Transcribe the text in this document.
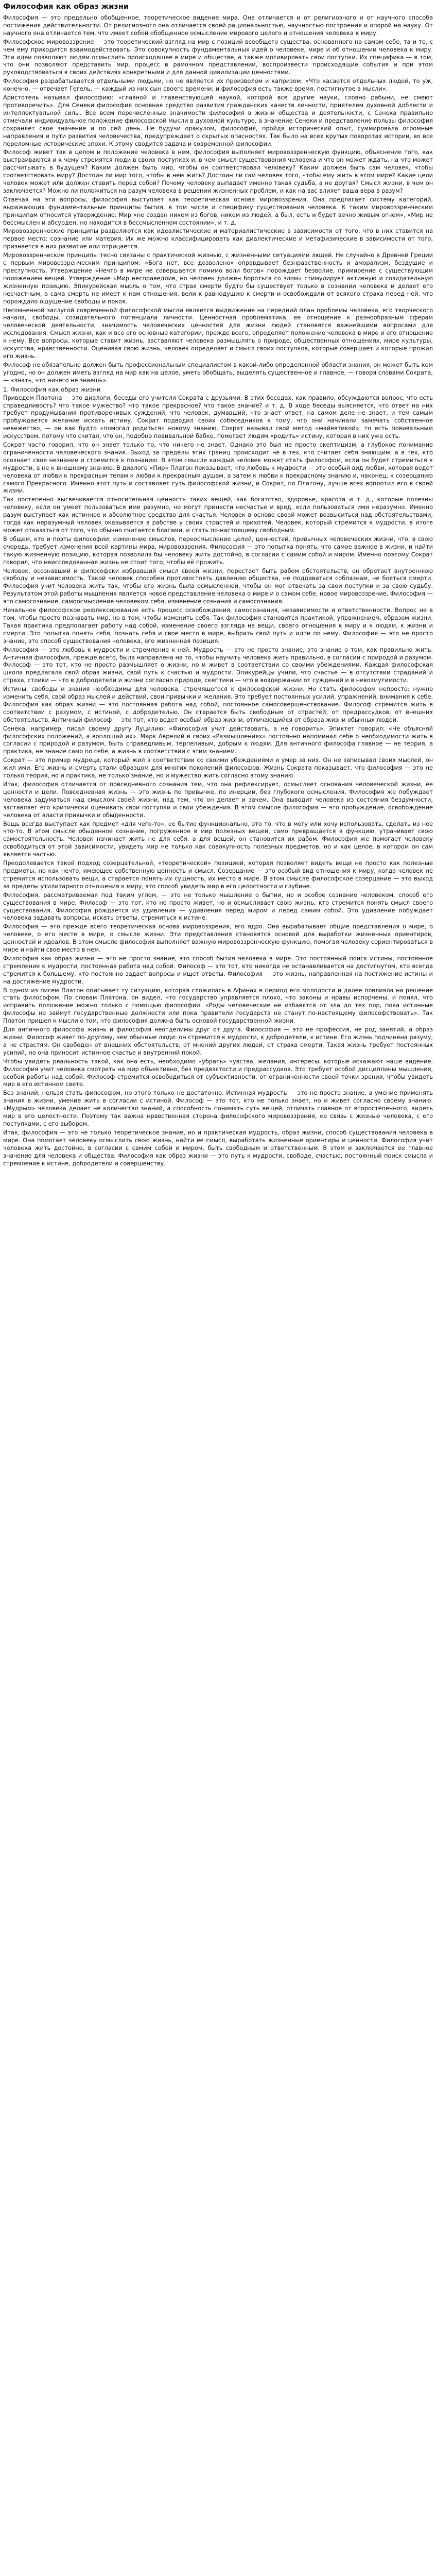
Философия как образ жизни

Философия — это предельно обобщенное, теоретическое видение мира. Она отличается и от религиозного и от научного способа постижения действительности. От религиозного она отличается своей рациональностью, научностью построения и опорой на науку. От научного она отличается тем, что имеет собой обобщенное осмысление мирового целого и отношения человека к миру.

Философское мировоззрение — это теоретический взгляд на мир с позиций всеобщего существа, основанного на самом себе, та и то, с чем ему приходится взаимодействовать. Это совокупность фундаментальных идей о человеке, мире и об отношении человека к миру. Эти идеи позволяют людям осмыслить происходящее в мире и обществе, а также мотивировать свои поступки. Их специфика — в том, что они позволяют представить мир, процесс в рамочном представлении, воспроизвести происходящие события и при этом руководствоваться в своих действиях конкретными и для данной цивилизации ценностями.

Философия разрабатывается отдельными людьми, но не является их произволом и капризом: «Что касается отдельных людей, то уж, конечно, — отвечает Гегель, — каждый из них сын своего времени; и философия есть также время, постигнутое в мысли».

Аристотель называл философию: «главной и главенствующей наукой, которой все другие науки, словно рабыни, не смеют противоречить». Для Сенеки философия основная средство развития гражданских качеств личности, приятелем духовной доблести и интеллектуальной силы. Все всем перечисленные значимости философия в жизни общества и деятельности, с Сенека правильно отмечали индивидуальное положение философской мысли в духовной культуре, а значение Сенеки и представление пользы философия сохраняет свое значение и по сей день. Не будучи оракулом, философия, пройдя исторический опыт, суммировала огромные направления и пути развития человечества, предупреждает о скрытых опасностях. Так было на всех крутых поворотах истории, во все переломные исторические эпохи. К этому сводится задача и современной философии.

Философ живет так в целом и положение человека в нем, философия выполняет мировоззренческую функцию, объяснение того, как выстраиваются и к чему стремятся люди в своих поступках и, в чем смысл существования человека и что он может ждать, на что может рассчитывать в будущем? Каким должен быть мир, чтобы он соответствовал человеку? Каким должен быть сам человек, чтобы соответствовать миру? Достоин ли мир того, чтобы в нем жить? Достоин ли сам человек того, чтобы ему жить в этом мире? Какие цели человек может или должен ставить перед собой? Почему человеку выпадает именно такая судьба, а не другая? Смысл жизни, в чем он заключается? Можно ли положиться на разум человека в решении жизненных проблем, и как на вас влияет ваша вера в разум?

Отвечая на эти вопросы, философия выступает как теоретическая основа мировоззрения. Она предлагает систему категорий, выражающих фундаментальные принципы бытия, в том числе и специфику существования человека. К таким мировоззренческим принципам относится утверждение: Мир «не создан никем из богов, никем из людей, а был, есть и будет вечно живым огнем», «Мир не бессмыслен и абсурден, но находится в бессмысленном состоянии», и т. д.

Мировоззренческие принципы разделяются как идеалистические и материалистические в зависимости от того, что в них ставится на первое место: сознание или материя. Их же можно классифицировать как диалектические и метафизические в зависимости от того, признается в них развитие или отрицается.

Мировоззренческие принципы тесно связаны с практической жизнью, с жизненными ситуациями людей. Не случайно в Древней Греции с первым мировоззренческим принципом: «Бога нет, все дозволено» оправдывает безнравственность и аморализм, бездушие и преступность. Утверждение «Нечто в мире не совершается помимо воли богов» порождает безволие, примирение с существующим положением вещей. Утверждение «Мир несправедлив, но человек должен бороться со злом» стимулирует активную и созидательную жизненную позицию. Эпикурейская мысль о том, что страх смерти будто бы существует только в сознании человека и делает его несчастным, а сама смерть не имеет к нам отношения, вели к равнодушию к смерти и освобождали от всякого страха перед ней, что порождало ощущение свободы и покоя.

Несомненной заслугой современной философской мысли является выдвижение на передний план проблемы человека, его творческого начала, свободы, созидательного потенциала личности. Ценностная проблематика, ее отношение к разнообразным сферам человеческой деятельности, значимость человеческих ценностей для жизни людей становятся важнейшими вопросами для исследования. Смысл жизни, как и все его основные категории, прежде всего, определяет положение человека в мире и его отношение к нему. Все вопросы, которые ставит жизнь, заставляют человека размышлять о природе, общественных отношениях, мире культуры, искусства, нравственности. Оценивая свою жизнь, человек определяет и смысл своих поступков, которые совершает и которые прожил его жизнь.

Философ не обязательно должен быть профессиональным специалистом в какой-либо определенной области знания, он может быть кем угодно, но он должен иметь взгляд на мир как на целое, уметь обобщать, выделять существенное и главное, — говоря словами Сократа, — «знать, что ничего не знаешь».

1. Философия как образ жизни

Приведем Платона — это диалоги, беседы его учителя Сократа с друзьями. В этих беседах, как правило, обсуждаются вопрос, что есть справедливость? что такое мужество? что такое прекрасное? что такое знание? и т. д. В ходе беседы выясняется, что ответ на них требует продумывания противоречивых суждений, что человек, думавший, что знает ответ, на самом деле не знает, и тем самым пробуждается желание искать истину. Сократ подводил своих собеседников к тому, что они начинали замечать собственное невежество, — он как будто «помогал родиться» новому знанию. Сократ называл свой метод «майевтикой», то есть повивальным искусством, потому что считал, что он, подобно повивальной бабке, помогает людям «родить» истину, которая в них уже есть.

Сократ часто говорил, что он знает только то, что ничего не знает. Однако это был не просто скептицизм, а глубокое понимание ограниченности человеческого знания. Выход за пределы этих границ происходит не в тех, кто считает себя знающим, а в тех, кто осознает свое незнание и стремится к познанию. В этом смысле каждый человек может стать философом, если он будет стремиться к мудрости, а не к внешнему знанию. В диалоге «Пир» Платон показывает, что любовь к мудрости — это особый вид любви, которая ведет человека от любви к прекрасным телам к любви к прекрасным душам, а затем к любви к прекрасному знанию и, наконец, к созерцанию самого Прекрасного. Именно этот путь и составляет суть философской жизни, и Сократ, по Платону, лучше всех воплотил его в своей жизни.

Так постепенно высвечивается относительная ценность таких вещей, как богатство, здоровье, красота и т. д., которые полезны человеку, если он умеет пользоваться ими разумно, но могут принести несчастье и вред, если пользоваться ими неразумно. Именно разум выступает как истинное и абсолютное средство для счастья. Человек в основе своей может возвыситься над обстоятельствами, тогда как неразумный человек оказывается в рабстве у своих страстей и прихотей. Человек, который стремится к мудрости, в итоге может отказаться от того, что обычно считается благами, и стать по-настоящему свободным.

В общем, кто и поэты философии; изменение смыслов, переосмысление целей, ценностей, привычных человеческих жизни, что, в свою очередь, требует изменения всей картины мира, мировоззрения. Философия — это попытка понять, что самое важное в жизни, и найти такую жизненную позицию, которая позволила бы человеку жить достойно, в согласии с самим собой и миром. Именно поэтому Сократ говорил, что неисследованная жизнь не стоит того, чтобы её прожить.

Человек, осознавший и философски избравший смысл своей жизни, перестает быть рабом обстоятельств, он обретает внутреннюю свободу и независимость. Такой человек способен противостоять давлению общества, не поддаваться соблазнам, не бояться смерти. Философия учит человека жить так, чтобы его жизнь была осмысленной, чтобы он мог отвечать за свои поступки и за свою судьбу. Результатом этой работы мышления является новое представление человека о мире и о самом себе, новое мировоззрение. Философия — это самосознание, самоосмысление человеком себя, изменение сознания и самосознания.

Начальное философское рефлексирование есть процесс освобождения, самосознания, независимости и ответственности. Вопрос не в том, чтобы просто познавать мир, но в том, чтобы изменить себя. Так философия становится практикой, упражнением, образом жизни. Такая практика предполагает работу над собой, изменение своего взгляда на вещи, своего отношения к миру и к людям, к жизни и смерти. Это попытка понять себя, познать себя и свое место в мире, выбрать свой путь и идти по нему. Философия — это не просто знание, это способ существования человека, его жизненная позиция.

Философия — это любовь к мудрости и стремление к ней. Мудрость — это не просто знание, это знание о том, как правильно жить. Античная философия, прежде всего, была направлена на то, чтобы научить человека жить правильно, в согласии с природой и разумом. Философ — это тот, кто не просто размышляет о жизни, но и живет в соответствии со своими убеждениями. Каждая философская школа предлагала свой образ жизни, свой путь к счастью и мудрости. Эпикурейцы учили, что счастье — в отсутствии страданий и страха, стоики — что в добродетели и жизни согласно природе, скептики — что в воздержании от суждений и в невозмутимости.

Истины, свободы и знания необходимы для человека, стремящегося к философской жизни. Но стать философом непросто: нужно изменить себя, свой образ мыслей и действий, свои привычки и желания. Это требует постоянных усилий, упражнений, внимания к себе. Философия как образ жизни — это постоянная работа над собой, постоянное самосовершенствование. Философ стремится жить в соответствии с разумом, с истиной, с добродетелью. Он старается быть свободным от страстей, от предрассудков, от внешних обстоятельств. Античный философ — это тот, кто ведет особый образ жизни, отличающийся от образа жизни обычных людей.

Сенека, например, писал своему другу Луцилию: «Философия учит действовать, а не говорить». Эпиктет говорил: «Не объясняй философских положений, а воплощай их». Марк Аврелий в своих «Размышлениях» постоянно напоминал себе о необходимости жить в согласии с природой и разумом, быть справедливым, терпеливым, добрым к людям. Для античного философа главное — не теория, а практика, не знание само по себе, а жизнь в соответствии с этим знанием.

Сократ — это пример мудреца, который жил в соответствии со своими убеждениями и умер за них. Он не записывал своих мыслей, он жил ими. Его жизнь и смерть стали образцом для многих поколений философов. Жизнь Сократа показывает, что философия — это не только теория, но и практика, не только знание, но и мужество жить согласно этому знанию.

Итак, философия отличается от повседневного сознания тем, что она рефлексирует, осмысляет основания человеческой жизни, ее ценности и цели. Повседневная жизнь — это жизнь по привычке, по инерции, без глубокого осмысления. Философия же побуждает человека задуматься над смыслом своей жизни, над тем, что он делает и зачем. Она выводит человека из состояния бездумности, заставляет его критически оценивать свои поступки и свои убеждения. В этом смысле философия — это пробуждение, освобождение человека от власти привычки и обыденности.

Вещь всегда выступает как предмет «для чего-то», ее бытие функционально, это то, что в могу или хочу использовать, сделать из нее что-то. В этом смысле обыденное сознание, погруженное в мир полезных вещей, само превращается в функцию, утрачивает свою самостоятельность. Человек начинает жить не для себя, а для вещей, он становится их рабом. Философия же помогает человеку освободиться от этой зависимости, увидеть мир не только как совокупность полезных предметов, но и как целое, в котором он сам является частью.

Преодолевается такой подход созерцательной, «теоретической» позицией, которая позволяет видеть вещи не просто как полезные предметы, но как нечто, имеющее собственную ценность и смысл. Созерцание — это особый вид отношения к миру, когда человек не стремится использовать вещи, а старается понять их сущность, их место в мире. В этом смысле философское созерцание — это выход за пределы утилитарного отношения к миру, это способ увидеть мир в его целостности и глубине.

Философия, рассматриваемая под таким углом, — это не только мышление о бытии, но и особое сознание человеком, способ его существования в мире. Философ — это тот, кто не просто живет, но и осмысливает свою жизнь, кто стремится понять смысл своего существования. Философия рождается из удивления — удивления перед миром и перед самим собой. Это удивление побуждает человека задавать вопросы, искать ответы, стремиться к истине.

Философия — это прежде всего теоретическая основа мировоззрения, его ядро. Она вырабатывает общие представления о мире, о человеке, о его месте в мире, о смысле жизни. Эти представления становятся основой для выработки жизненных ориентиров, ценностей и идеалов. В этом смысле философия выполняет важную мировоззренческую функцию, помогая человеку сориентироваться в мире и найти свое место в нем.

Философия как образ жизни — это не просто знание, это способ бытия человека в мире. Это постоянный поиск истины, постоянное стремление к мудрости, постоянная работа над собой. Философ — это тот, кто никогда не останавливается на достигнутом, кто всегда стремится к большему, кто постоянно задает вопросы и ищет ответы. Философия — это жизнь, направленная на постижение истины и на достижение мудрости.

В одном из писем Платон описывает ту ситуацию, которая сложилась в Афинах в период его молодости и далее повлияла на решение стать философом. По словам Платона, он видел, что государство управляется плохо, что законы и нравы испорчены, и понял, что исправить положение можно только с помощью философии. «Роды человеческие не избавятся от зла до тех пор, пока истинные философы не займут государственные должности или пока правители государств не станут по-настоящему философствовать». Так Платон пришел к мысли о том, что философия должна быть основой государственной жизни.

Для античного философа жизнь и философия неотделимы друг от друга. Философия — это не профессия, не род занятий, а образ жизни. Философ живет по-другому, чем обычные люди: он стремится к мудрости, к добродетели, к истине. Его жизнь подчинена разуму, а не страстям. Он свободен от внешних обстоятельств, от мнений других людей, от страха смерти. Такая жизнь требует постоянных усилий, но она приносит истинное счастье и внутренний покой.

Чтобы увидеть реальность такой, как она есть, необходимо «убрать» чувства, желания, интересы, которые искажают наше видение. Философия учит человека смотреть на мир объективно, без предвзятости и предрассудков. Это требует особой дисциплины мышления, особой работы над собой. Философ стремится освободиться от субъективности, от ограниченности своей точки зрения, чтобы увидеть мир в его истинном свете.

Без знаний, нельзя стать философом, но этого только не достаточно. Истинная мудрость — это не просто знание, а умение применять знания в жизни, умение жить в согласии с истиной. Философ — это тот, кто не только знает, но и живет согласно своему знанию. «Мудрым» человека делает не количество знаний, а способность понимать суть вещей, отличать главное от второстепенного, видеть мир в его целостности. Поэтому так важна нравственная сторона философского мировоззрения, ее связь с жизнью человека, с его поступками, с его выбором.

Итак, философия — это не только теоретическое знание, но и практическая мудрость, образ жизни, способ существования человека в мире. Она помогает человеку осмыслить свою жизнь, найти ее смысл, выработать жизненные ориентиры и ценности. Философия учит человека жить достойно, в согласии с самим собой и миром, быть свободным и ответственным. В этом и заключается ее главное значение для человека и общества. Философия как образ жизни — это путь к мудрости, свободе, счастью, постоянный поиск смысла и стремление к истине, добродетели и совершенству.
